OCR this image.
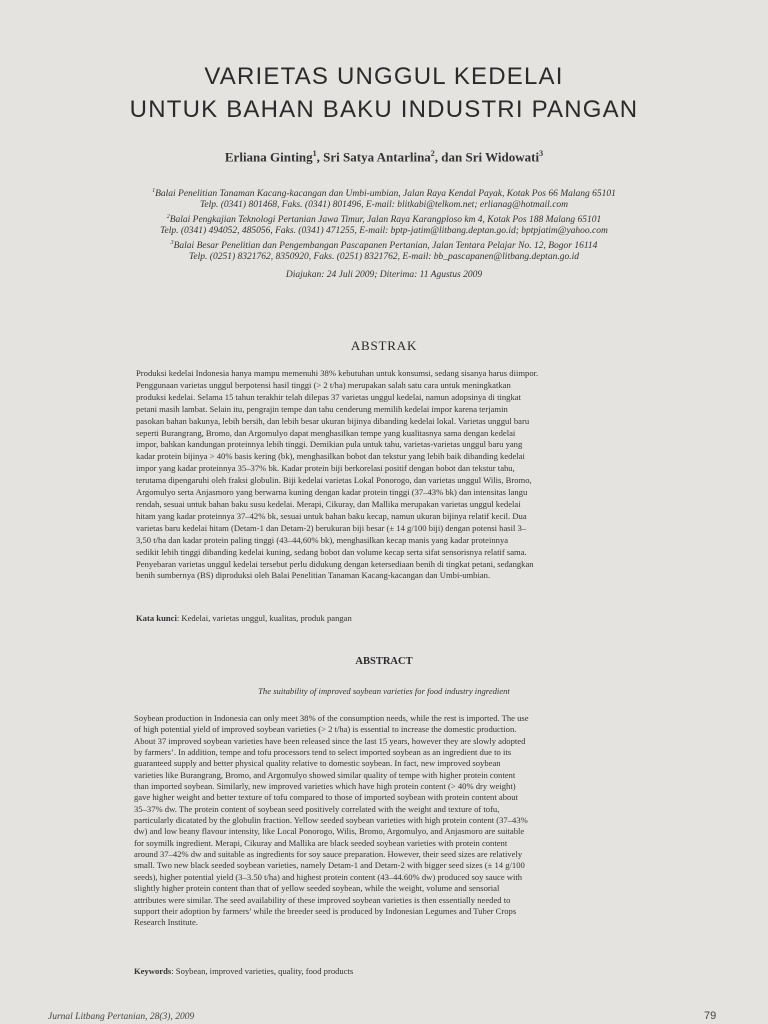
VARIETAS UNGGUL KEDELAI
UNTUK BAHAN BAKU INDUSTRI PANGAN
Erliana Ginting$^1$, Sri Satya Antarlina$^2$, dan Sri Widowati$^3$
$^1$Balai Penelitian Tanaman Kacang-kacangan dan Umbi-umbian, Jalan Raya Kendal Payak, Kotak Pos 66 Malang 65101
Telp. (0341) 801468, Faks. (0341) 801496, E-mail: blitkabi@telkom.net; erlianag@hotmail.com
$^2$Balai Pengkajian Teknologi Pertanian Jawa Timur, Jalan Raya Karangploso km 4, Kotak Pos 188 Malang 65101
Telp. (0341) 494052, 485056, Faks. (0341) 471255, E-mail: bptp-jatim@litbang.deptan.go.id; bptpjatim@yahoo.com
$^3$Balai Besar Penelitian dan Pengembangan Pascapanen Pertanian, Jalan Tentara Pelajar No. 12, Bogor 16114
Telp. (0251) 8321762, 8350920, Faks. (0251) 8321762, E-mail: bb_pascapanen@litbang.deptan.go.id
Diajukan: 24 Juli 2009; Diterima: 11 Agustus 2009
ABSTRAK
Produksi kedelai Indonesia hanya mampu memenuhi 38% kebutuhan untuk konsumsi, sedang sisanya harus diimpor.
Penggunaan varietas unggul berpotensi hasil tinggi (> 2 t/ha) merupakan salah satu cara untuk meningkatkan
produksi kedelai. Selama 15 tahun terakhir telah dilepas 37 varietas unggul kedelai, namun adopsinya di tingkat
petani masih lambat. Selain itu, pengrajin tempe dan tahu cenderung memilih kedelai impor karena terjamin
pasokan bahan bakunya, lebih bersih, dan lebih besar ukuran bijinya dibanding kedelai lokal. Varietas unggul baru
seperti Burangrang, Bromo, dan Argomulyo dapat menghasilkan tempe yang kualitasnya sama dengan kedelai
impor, bahkan kandungan proteinnya lebih tinggi. Demikian pula untuk tahu, varietas-varietas unggul baru yang
kadar protein bijinya > 40% basis kering (bk), menghasilkan bobot dan tekstur yang lebih baik dibanding kedelai
impor yang kadar proteinnya 35–37% bk. Kadar protein biji berkorelasi positif dengan bobot dan tekstur tahu,
terutama dipengaruhi oleh fraksi globulin. Biji kedelai varietas Lokal Ponorogo, dan varietas unggul Wilis, Bromo,
Argomulyo serta Anjasmoro yang berwarna kuning dengan kadar protein tinggi (37–43% bk) dan intensitas langu
rendah, sesuai untuk bahan baku susu kedelai. Merapi, Cikuray, dan Mallika merupakan varietas unggul kedelai
hitam yang kadar proteinnya 37–42% bk, sesuai untuk bahan baku kecap, namun ukuran bijinya relatif kecil. Dua
varietas baru kedelai hitam (Detam-1 dan Detam-2) berukuran biji besar (± 14 g/100 biji) dengan potensi hasil 3–
3,50 t/ha dan kadar protein paling tinggi (43–44,60% bk), menghasilkan kecap manis yang kadar proteinnya
sedikit lebih tinggi dibanding kedelai kuning, sedang bobot dan volume kecap serta sifat sensorisnya relatif sama.
Penyebaran varietas unggul kedelai tersebut perlu didukung dengan ketersediaan benih di tingkat petani, sedangkan
benih sumbernya (BS) diproduksi oleh Balai Penelitian Tanaman Kacang-kacangan dan Umbi-umbian.
Kata kunci: Kedelai, varietas unggul, kualitas, produk pangan
ABSTRACT
The suitability of improved soybean varieties for food industry ingredient
Soybean production in Indonesia can only meet 38% of the consumption needs, while the rest is imported. The use
of high potential yield of improved soybean varieties (> 2 t/ha) is essential to increase the domestic production.
About 37 improved soybean varieties have been released since the last 15 years, however they are slowly adopted
by farmers’. In addition, tempe and tofu processors tend to select imported soybean as an ingredient due to its
guaranteed supply and better physical quality relative to domestic soybean. In fact, new improved soybean
varieties like Burangrang, Bromo, and Argomulyo showed similar quality of tempe with higher protein content
than imported soybean. Similarly, new improved varieties which have high protein content (> 40% dry weight)
gave higher weight and better texture of tofu compared to those of imported soybean with protein content about
35–37% dw. The protein content of soybean seed positively correlated with the weight and texture of tofu,
particularly dicatated by the globulin fraction. Yellow seeded soybean varieties with high protein content (37–43%
dw) and low beany flavour intensity, like Local Ponorogo, Wilis, Bromo, Argomulyo, and Anjasmoro are suitable
for soymilk ingredient. Merapi, Cikuray and Mallika are black seeded soybean varieties with protein content
around 37–42% dw and suitable as ingredients for soy sauce preparation. However, their seed sizes are relatively
small. Two new black seeded soybean varieties, namely Detam-1 and Detam-2 with bigger seed sizes (± 14 g/100
seeds), higher potential yield (3–3.50 t/ha) and highest protein content (43–44.60% dw) produced soy sauce with
slightly higher protein content than that of yellow seeded soybean, while the weight, volume and sensorial
attributes were similar. The seed availability of these improved soybean varieties is then essentially needed to
support their adoption by farmers’ while the breeder seed is produced by Indonesian Legumes and Tuber Crops
Research Institute.
Keywords: Soybean, improved varieties, quality, food products
Jurnal Litbang Pertanian, 28(3), 2009	79
